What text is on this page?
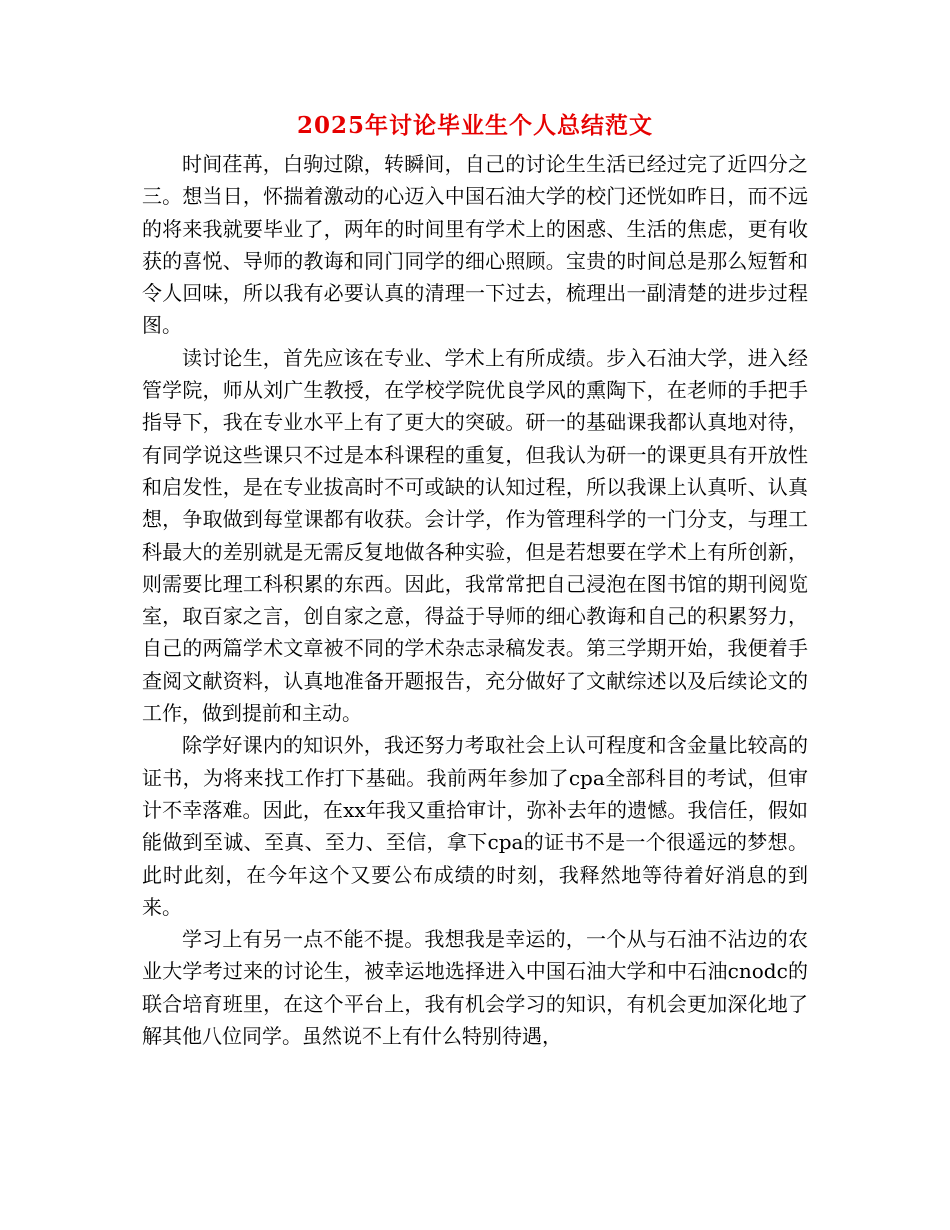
2025年讨论毕业生个人总结范文

时间荏苒，白驹过隙，转瞬间，自己的讨论生生活已经过完了近四分之三。想当日，怀揣着激动的心迈入中国石油大学的校门还恍如昨日，而不远的将来我就要毕业了，两年的时间里有学术上的困惑、生活的焦虑，更有收获的喜悦、导师的教诲和同门同学的细心照顾。宝贵的时间总是那么短暂和令人回味，所以我有必要认真的清理一下过去，梳理出一副清楚的进步过程图。

读讨论生，首先应该在专业、学术上有所成绩。步入石油大学，进入经管学院，师从刘广生教授，在学校学院优良学风的熏陶下，在老师的手把手指导下，我在专业水平上有了更大的突破。研一的基础课我都认真地对待，有同学说这些课只不过是本科课程的重复，但我认为研一的课更具有开放性和启发性，是在专业拔高时不可或缺的认知过程，所以我课上认真听、认真想，争取做到每堂课都有收获。会计学，作为管理科学的一门分支，与理工科最大的差别就是无需反复地做各种实验，但是若想要在学术上有所创新，则需要比理工科积累的东西。因此，我常常把自己浸泡在图书馆的期刊阅览室，取百家之言，创自家之意，得益于导师的细心教诲和自己的积累努力，自己的两篇学术文章被不同的学术杂志录稿发表。第三学期开始，我便着手查阅文献资料，认真地准备开题报告，充分做好了文献综述以及后续论文的工作，做到提前和主动。

除学好课内的知识外，我还努力考取社会上认可程度和含金量比较高的证书，为将来找工作打下基础。我前两年参加了cpa全部科目的考试，但审计不幸落难。因此，在xx年我又重拾审计，弥补去年的遗憾。我信任，假如能做到至诚、至真、至力、至信，拿下cpa的证书不是一个很遥远的梦想。此时此刻，在今年这个又要公布成绩的时刻，我释然地等待着好消息的到来。

学习上有另一点不能不提。我想我是幸运的，一个从与石油不沾边的农业大学考过来的讨论生，被幸运地选择进入中国石油大学和中石油cnodc的联合培育班里，在这个平台上，我有机会学习的知识，有机会更加深化地了解其他八位同学。虽然说不上有什么特别待遇，
